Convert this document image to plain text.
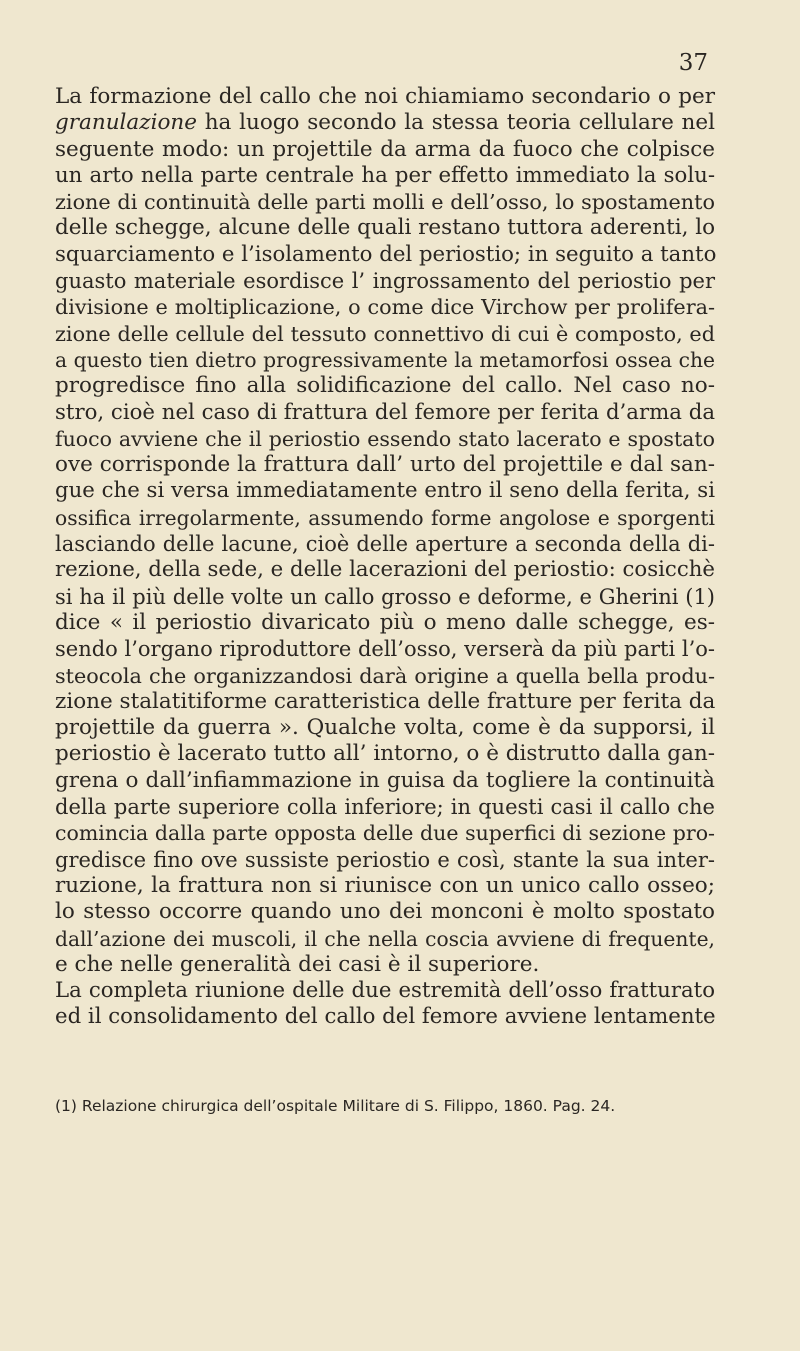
37
La formazione del callo che noi chiamiamo secondario o per
granulazione ha luogo secondo la stessa teoria cellulare nel
seguente modo: un projettile da arma da fuoco che colpisce
un arto nella parte centrale ha per effetto immediato la solu-
zione di continuità delle parti molli e dell’osso, lo spostamento
delle schegge, alcune delle quali restano tuttora aderenti, lo
squarciamento e l’isolamento del periostio; in seguito a tanto
guasto materiale esordisce l’ ingrossamento del periostio per
divisione e moltiplicazione, o come dice Virchow per prolifera-
zione delle cellule del tessuto connettivo di cui è composto, ed
a questo tien dietro progressivamente la metamorfosi ossea che
progredisce fino alla solidificazione del callo. Nel caso no-
stro, cioè nel caso di frattura del femore per ferita d’arma da
fuoco avviene che il periostio essendo stato lacerato e spostato
ove corrisponde la frattura dall’ urto del projettile e dal san-
gue che si versa immediatamente entro il seno della ferita, si
ossifica irregolarmente, assumendo forme angolose e sporgenti
lasciando delle lacune, cioè delle aperture a seconda della di-
rezione, della sede, e delle lacerazioni del periostio: cosicchè
si ha il più delle volte un callo grosso e deforme, e Gherini (1)
dice « il periostio divaricato più o meno dalle schegge, es-
sendo l’organo riproduttore dell’osso, verserà da più parti l’o-
steocola che organizzandosi darà origine a quella bella produ-
zione stalatitiforme caratteristica delle fratture per ferita da
projettile da guerra ». Qualche volta, come è da supporsi, il
periostio è lacerato tutto all’ intorno, o è distrutto dalla gan-
grena o dall’infiammazione in guisa da togliere la continuità
della parte superiore colla inferiore; in questi casi il callo che
comincia dalla parte opposta delle due superfici di sezione pro-
gredisce fino ove sussiste periostio e così, stante la sua inter-
ruzione, la frattura non si riunisce con un unico callo osseo;
lo stesso occorre quando uno dei monconi è molto spostato
dall’azione dei muscoli, il che nella coscia avviene di frequente,
e che nelle generalità dei casi è il superiore.
La completa riunione delle due estremità dell’osso fratturato
ed il consolidamento del callo del femore avviene lentamente

(1) Relazione chirurgica dell’ospitale Militare di S. Filippo, 1860. Pag. 24.
